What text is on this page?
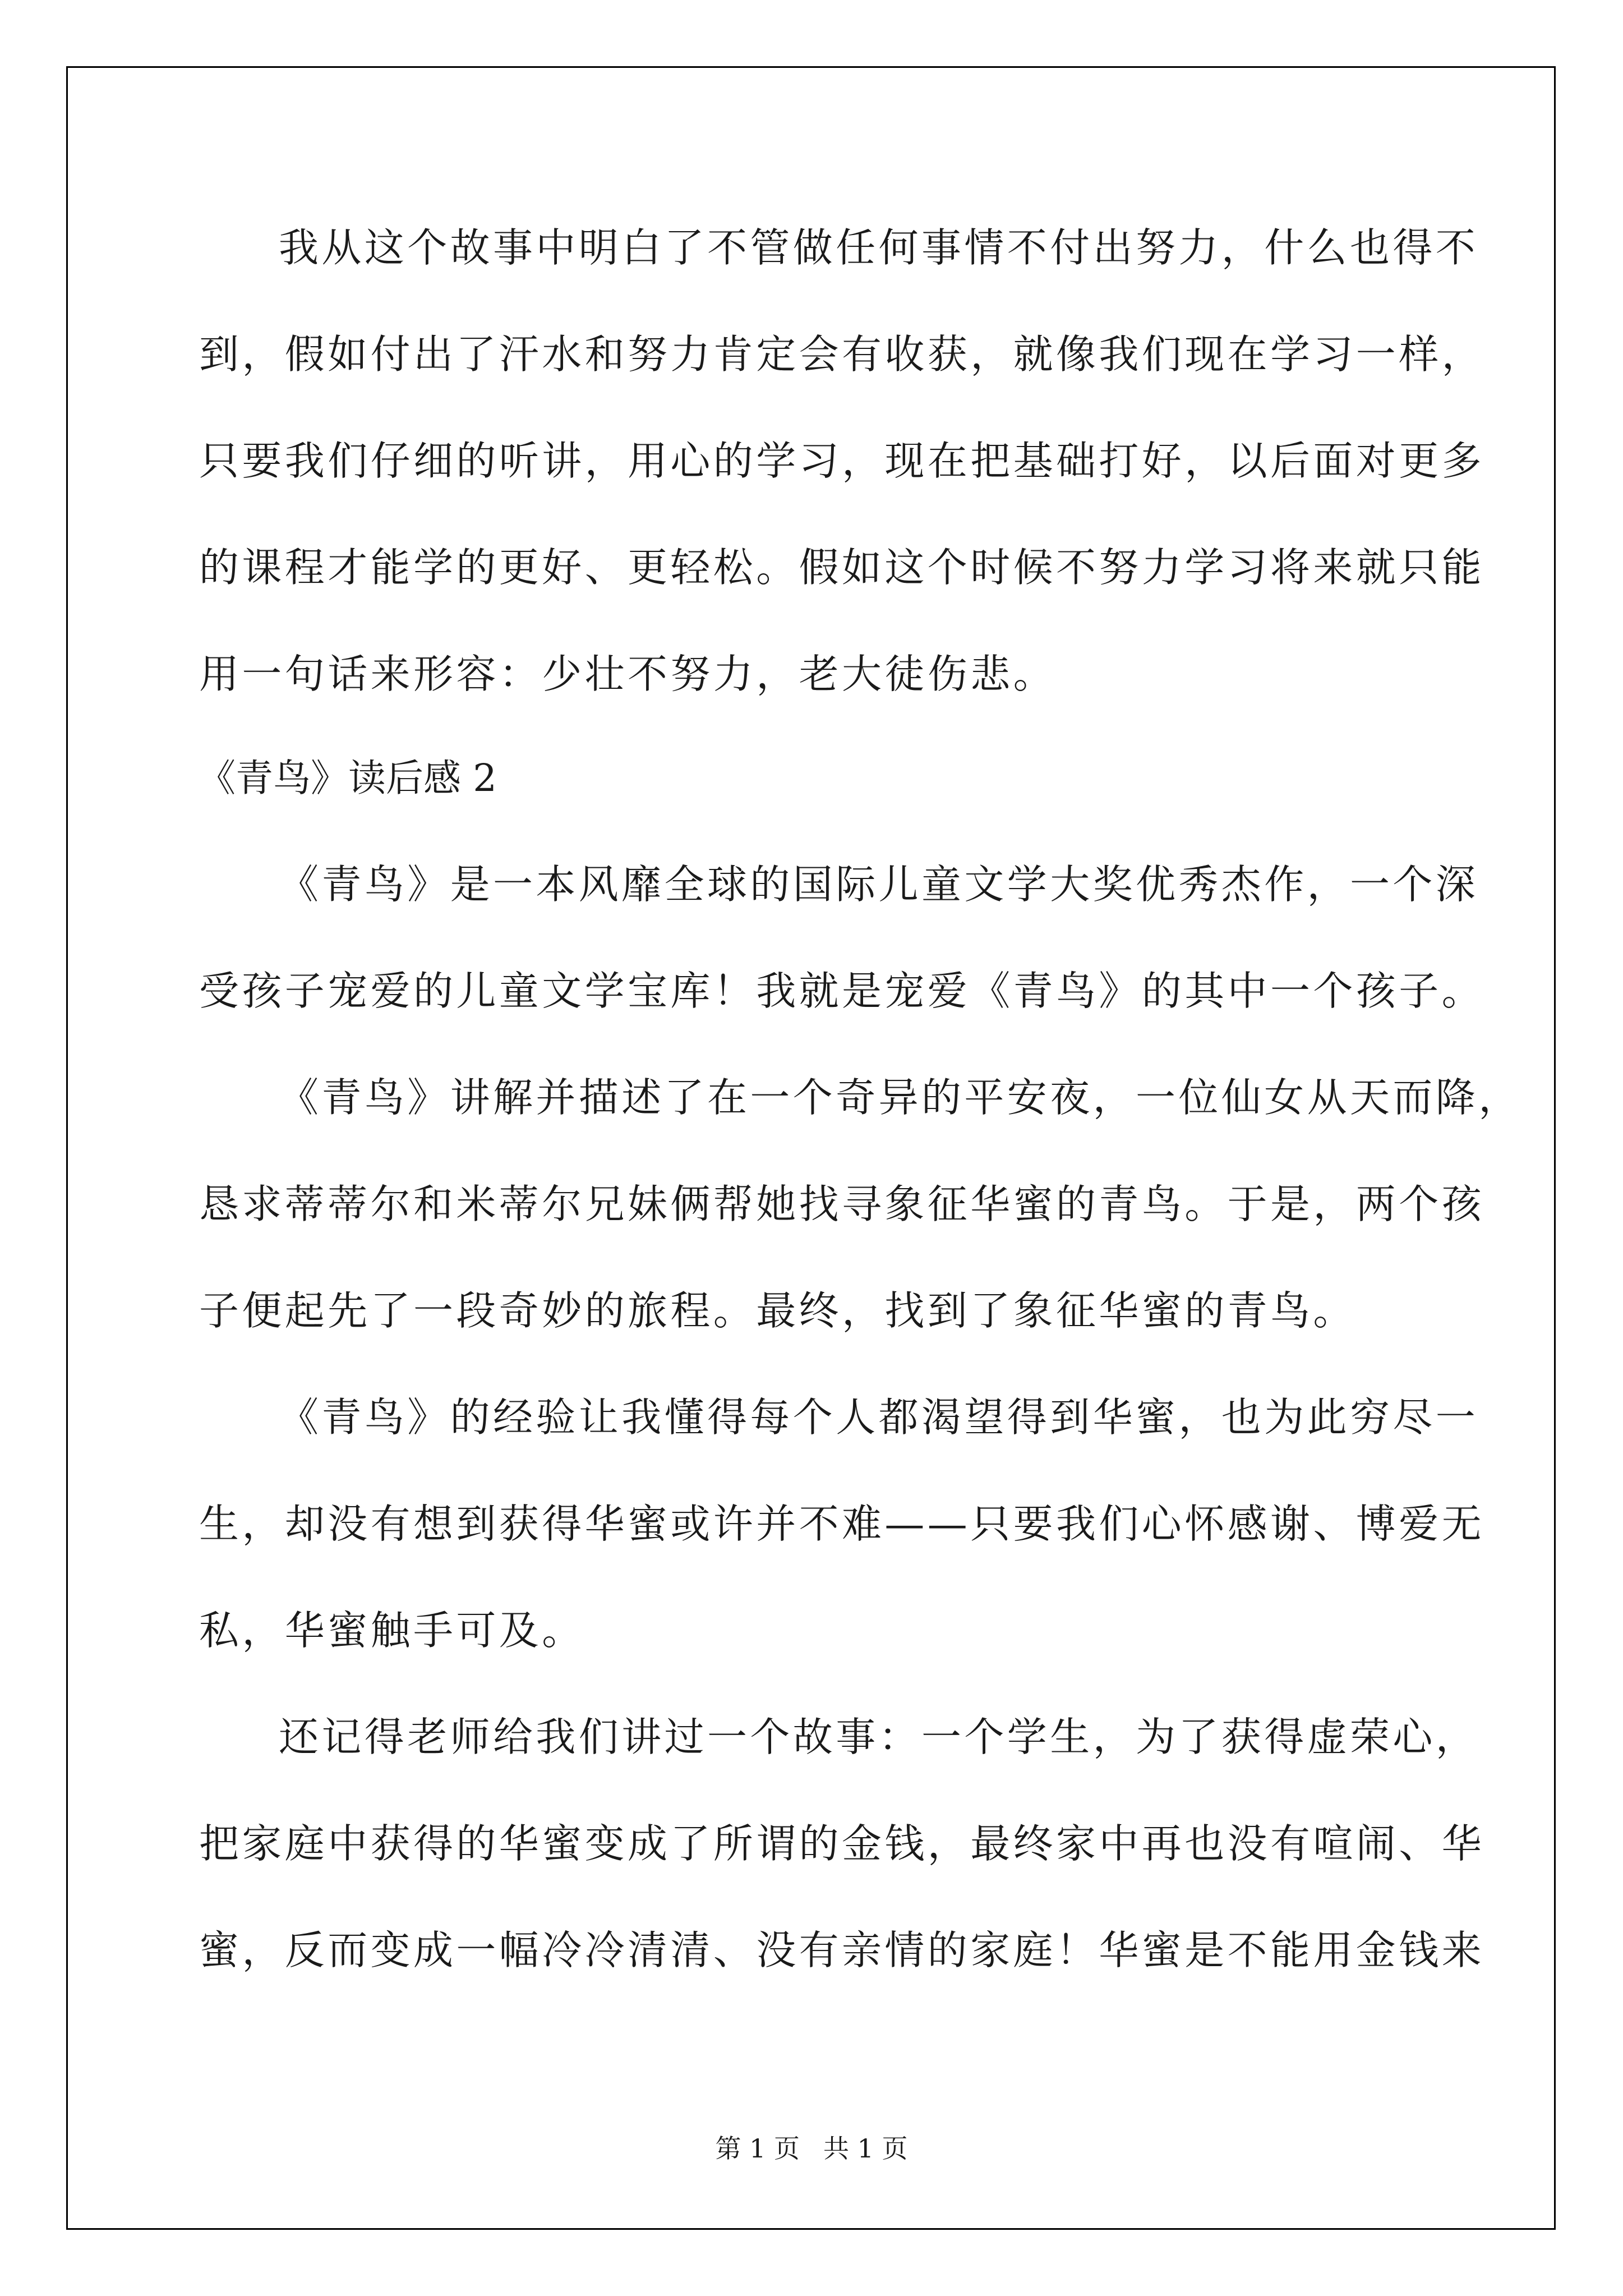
我从这个故事中明白了不管做任何事情不付出努力，什么也得不
到，假如付出了汗水和努力肯定会有收获，就像我们现在学习一样，
只要我们仔细的听讲，用心的学习，现在把基础打好，以后面对更多
的课程才能学的更好、更轻松。假如这个时候不努力学习将来就只能
用一句话来形容：少壮不努力，老大徒伤悲。
《青鸟》读后感 2
《青鸟》是一本风靡全球的国际儿童文学大奖优秀杰作，一个深
受孩子宠爱的儿童文学宝库！我就是宠爱《青鸟》的其中一个孩子。
《青鸟》讲解并描述了在一个奇异的平安夜，一位仙女从天而降，
恳求蒂蒂尔和米蒂尔兄妹俩帮她找寻象征华蜜的青鸟。于是，两个孩
子便起先了一段奇妙的旅程。最终，找到了象征华蜜的青鸟。
《青鸟》的经验让我懂得每个人都渴望得到华蜜，也为此穷尽一
生，却没有想到获得华蜜或许并不难——只要我们心怀感谢、博爱无
私，华蜜触手可及。
还记得老师给我们讲过一个故事：一个学生，为了获得虚荣心，
把家庭中获得的华蜜变成了所谓的金钱，最终家中再也没有喧闹、华
蜜，反而变成一幅冷冷清清、没有亲情的家庭！华蜜是不能用金钱来
第 1 页 共 1 页
